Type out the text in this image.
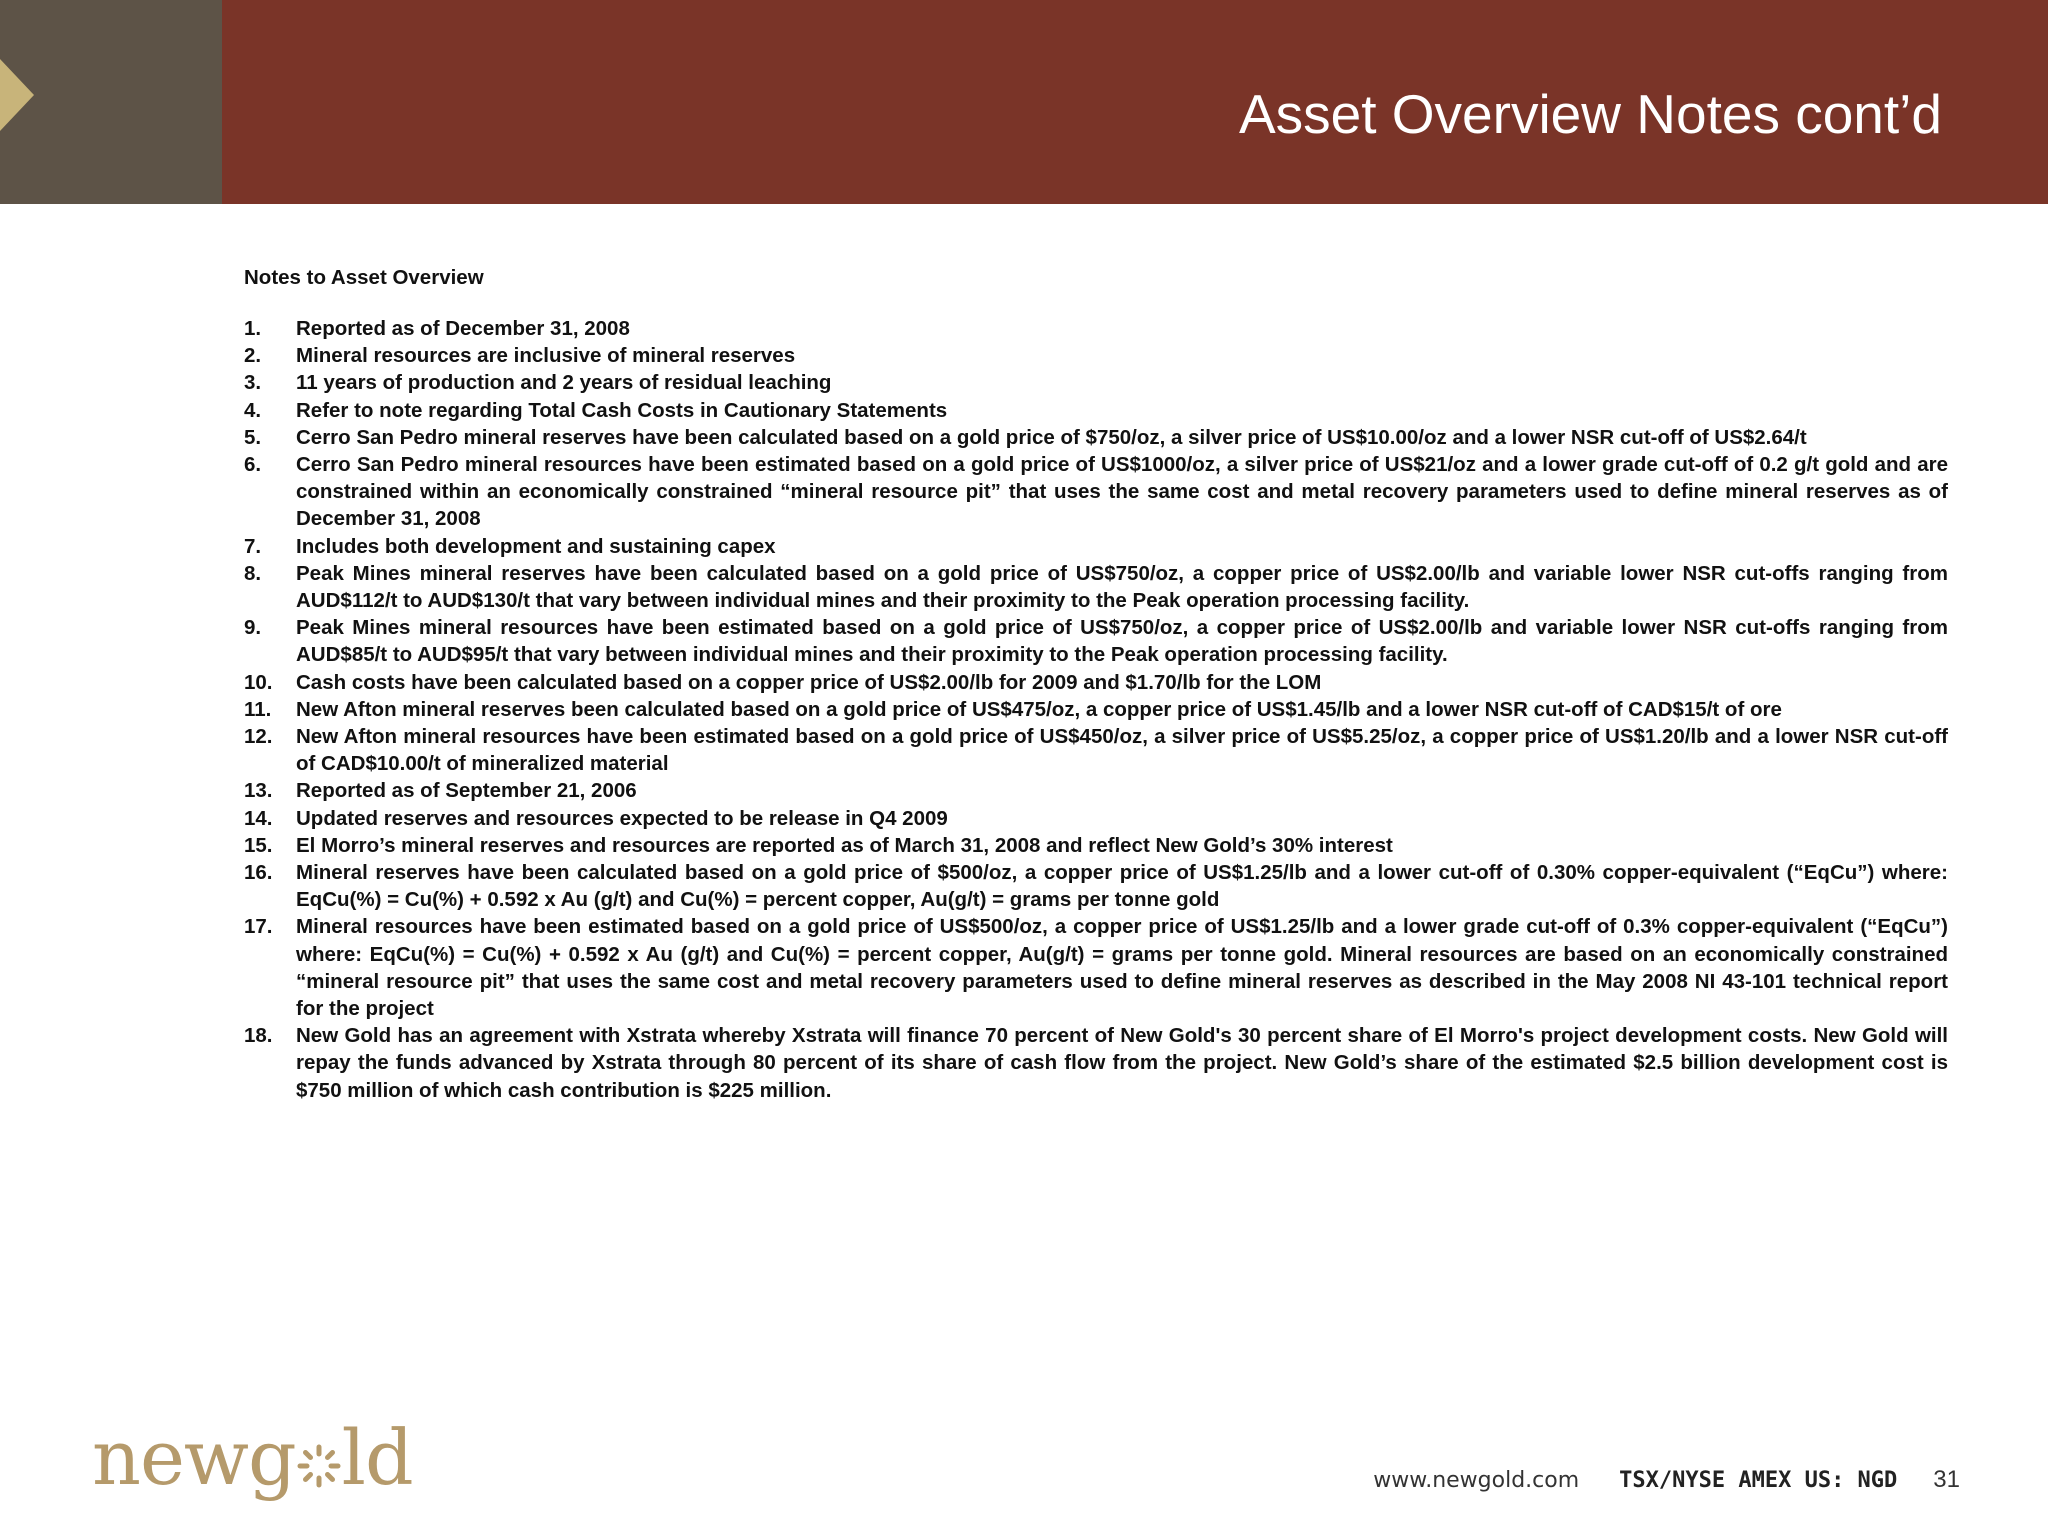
Asset Overview Notes cont’d
Notes to Asset Overview
1. Reported as of December 31, 2008
2. Mineral resources are inclusive of mineral reserves
3. 11 years of production and 2 years of residual leaching
4. Refer to note regarding Total Cash Costs in Cautionary Statements
5. Cerro San Pedro mineral reserves have been calculated based on a gold price of $750/oz, a silver price of US$10.00/oz and a lower NSR cut-off of US$2.64/t
6. Cerro San Pedro mineral resources have been estimated based on a gold price of US$1000/oz, a silver price of US$21/oz and a lower grade cut-off of 0.2 g/t gold and are constrained within an economically constrained “mineral resource pit” that uses the same cost and metal recovery parameters used to define mineral reserves as of December 31, 2008
7. Includes both development and sustaining capex
8. Peak Mines mineral reserves have been calculated based on a gold price of US$750/oz, a copper price of US$2.00/lb and variable lower NSR cut-offs ranging from AUD$112/t to AUD$130/t that vary between individual mines and their proximity to the Peak operation processing facility.
9. Peak Mines mineral resources have been estimated based on a gold price of US$750/oz, a copper price of US$2.00/lb and variable lower NSR cut-offs ranging from AUD$85/t to AUD$95/t that vary between individual mines and their proximity to the Peak operation processing facility.
10. Cash costs have been calculated based on a copper price of US$2.00/lb for 2009 and $1.70/lb for the LOM
11. New Afton mineral reserves been calculated based on a gold price of US$475/oz, a copper price of US$1.45/lb and a lower NSR cut-off of CAD$15/t of ore
12. New Afton mineral resources have been estimated based on a gold price of US$450/oz, a silver price of US$5.25/oz, a copper price of US$1.20/lb and a lower NSR cut-off of CAD$10.00/t of mineralized material
13. Reported as of September 21, 2006
14. Updated reserves and resources expected to be release in Q4 2009
15. El Morro’s mineral reserves and resources are reported as of March 31, 2008 and reflect New Gold’s 30% interest
16. Mineral reserves have been calculated based on a gold price of $500/oz, a copper price of US$1.25/lb and a lower cut-off of 0.30% copper-equivalent (“EqCu”) where: EqCu(%) = Cu(%) + 0.592 x Au (g/t) and Cu(%) = percent copper, Au(g/t) = grams per tonne gold
17. Mineral resources have been estimated based on a gold price of US$500/oz, a copper price of US$1.25/lb and a lower grade cut-off of 0.3% copper-equivalent (“EqCu”) where: EqCu(%) = Cu(%) + 0.592 x Au (g/t) and Cu(%) = percent copper, Au(g/t) = grams per tonne gold. Mineral resources are based on an economically constrained “mineral resource pit” that uses the same cost and metal recovery parameters used to define mineral reserves as described in the May 2008 NI 43-101 technical report for the project
18. New Gold has an agreement with Xstrata whereby Xstrata will finance 70 percent of New Gold's 30 percent share of El Morro's project development costs. New Gold will repay the funds advanced by Xstrata through 80 percent of its share of cash flow from the project. New Gold’s share of the estimated $2.5 billion development cost is $750 million of which cash contribution is $225 million.
newg ld	www.newgold.com TSX/NYSE AMEX US: NGD 31
